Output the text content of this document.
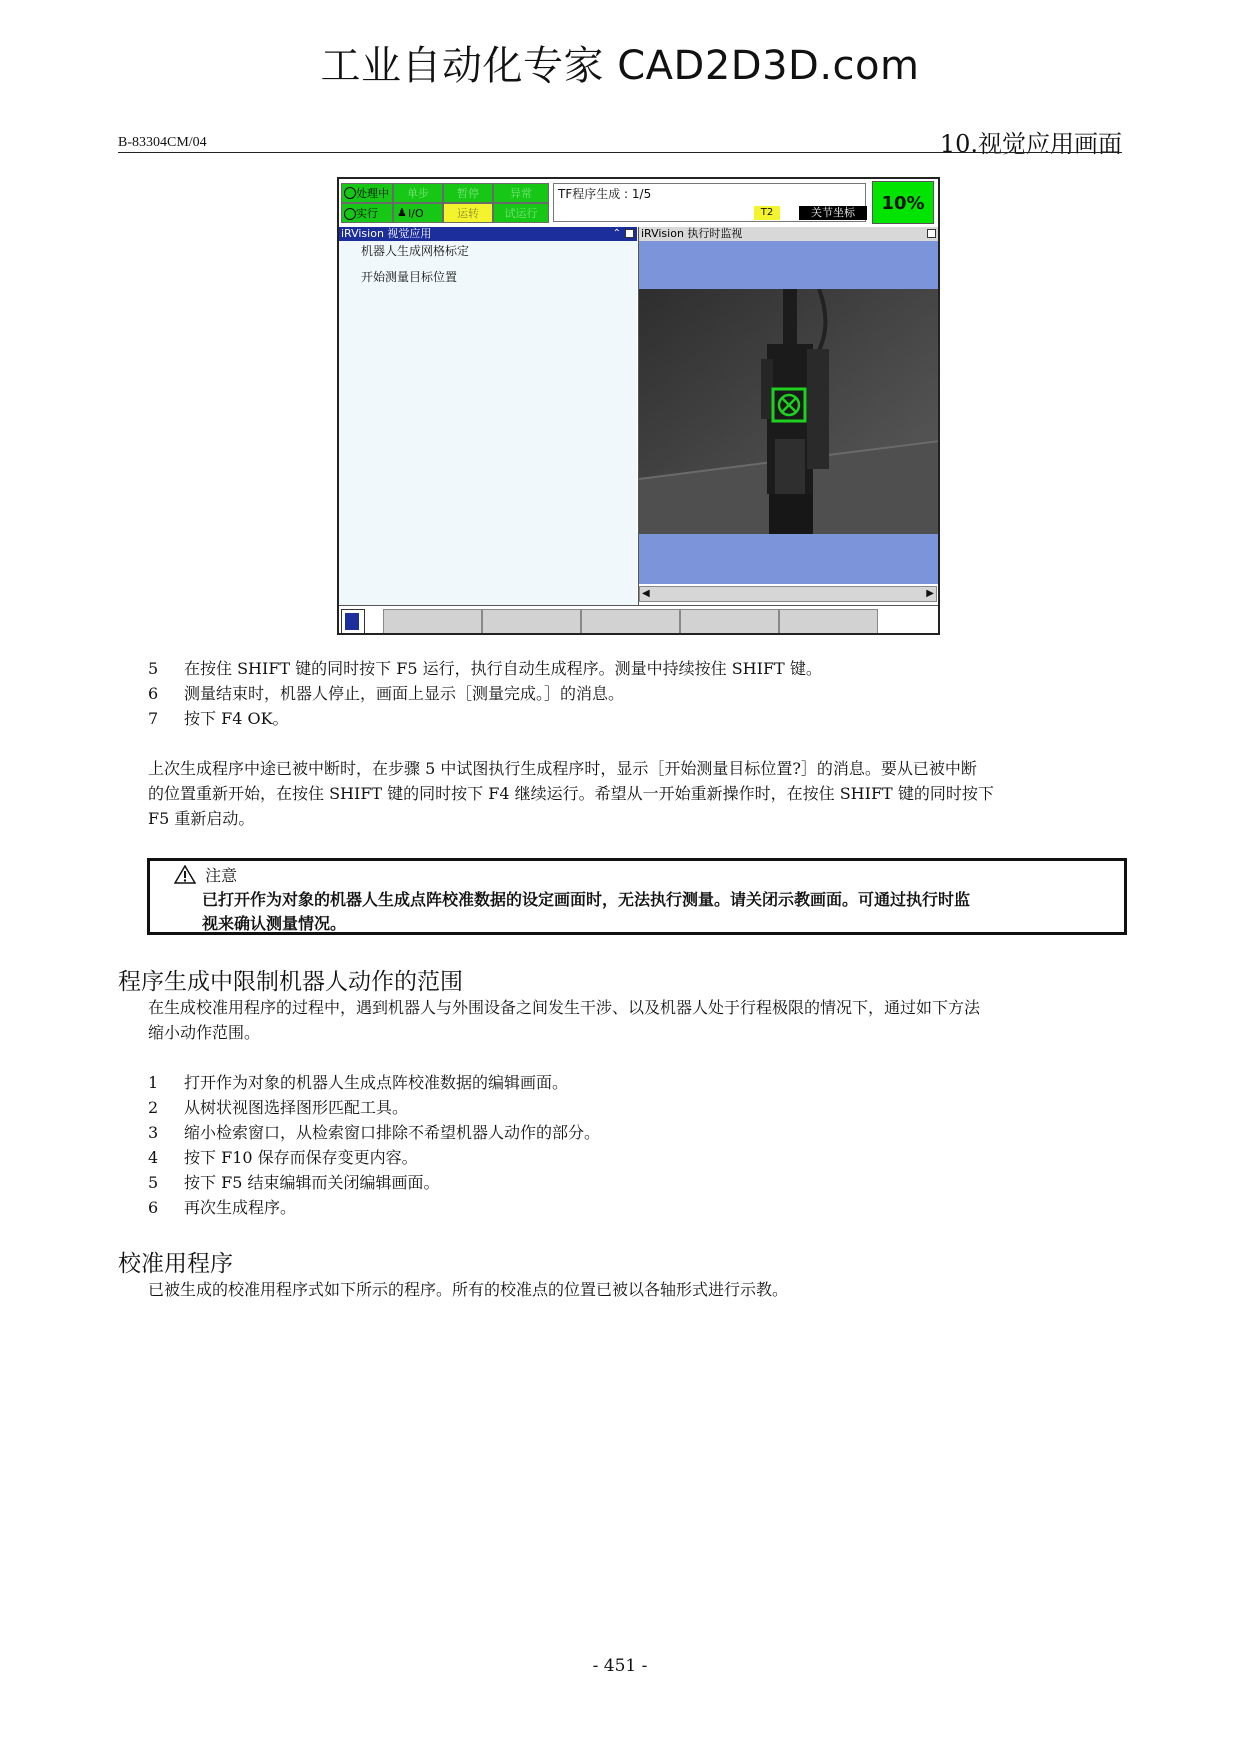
工业自动化专家 CAD2D3D.com
B-83304CM/04	10.视觉应用画面
处理中	单步	暂停	异常
实行	♟ I/O	运转	试运行
TF程序生成 : 1/5
T2	关节坐标	10%
iRVision 视觉应用	⌃
机器人生成网格标定
开始测量目标位置
iRVision 执行时监视
◀	▶
5 在按住 SHIFT 键的同时按下 F5 运行，执行自动生成程序。测量中持续按住 SHIFT 键。
6 测量结束时，机器人停止，画面上显示［测量完成。］的消息。
7 按下 F4 OK。
上次生成程序中途已被中断时，在步骤 5 中试图执行生成程序时，显示［开始测量目标位置?］的消息。要从已被中断
的位置重新开始，在按住 SHIFT 键的同时按下 F4 继续运行。希望从一开始重新操作时，在按住 SHIFT 键的同时按下
F5 重新启动。
注意
已打开作为对象的机器人生成点阵校准数据的设定画面时，无法执行测量。请关闭示教画面。可通过执行时监
视来确认测量情况。
程序生成中限制机器人动作的范围
在生成校准用程序的过程中，遇到机器人与外围设备之间发生干涉、以及机器人处于行程极限的情况下，通过如下方法
缩小动作范围。
1 打开作为对象的机器人生成点阵校准数据的编辑画面。
2 从树状视图选择图形匹配工具。
3 缩小检索窗口，从检索窗口排除不希望机器人动作的部分。
4 按下 F10 保存而保存变更内容。
5 按下 F5 结束编辑而关闭编辑画面。
6 再次生成程序。
校准用程序
已被生成的校准用程序式如下所示的程序。所有的校准点的位置已被以各轴形式进行示教。
- 451 -
